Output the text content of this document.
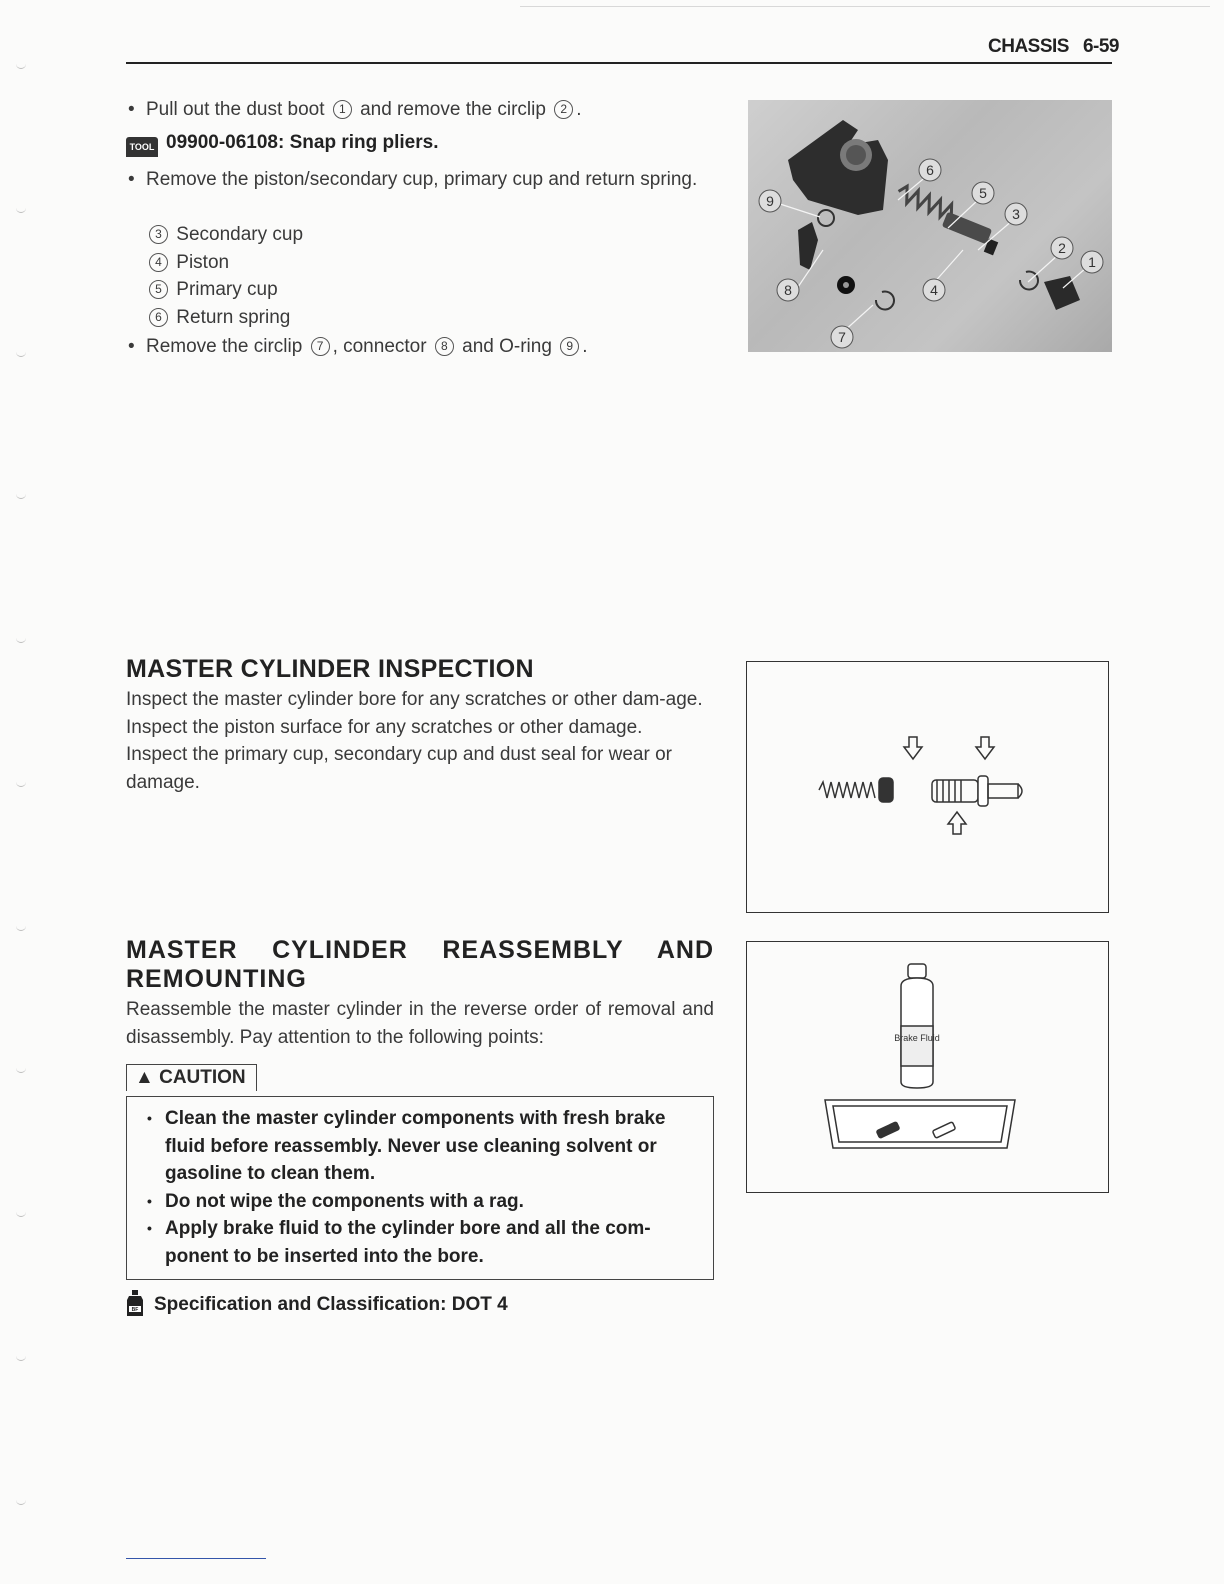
CHASSIS 6-59
• Pull out the dust boot 1 and remove the circlip 2 .
TOOL 09900-06108: Snap ring pliers.
• Remove the piston/secondary cup, primary cup and return spring.
3 Secondary cup
4 Piston
5 Primary cup
6 Return spring
• Remove the circlip 7 , connector 8 and O-ring 9 .
6
5
3
2
1
4
7
8
9
MASTER CYLINDER INSPECTION
Inspect the master cylinder bore for any scratches or other dam-age.
Inspect the piston surface for any scratches or other damage.
Inspect the primary cup, secondary cup and dust seal for wear or damage.
MASTER CYLINDER REASSEMBLY AND REMOUNTING
Reassemble the master cylinder in the reverse order of removal and disassembly. Pay attention to the following points:
▲ CAUTION
• Clean the master cylinder components with fresh brake fluid before reassembly. Never use cleaning solvent or gasoline to clean them.
• Do not wipe the components with a rag.
• Apply brake fluid to the cylinder bore and all the com-ponent to be inserted into the bore.
BF Specification and Classification: DOT 4
Brake Fluid
